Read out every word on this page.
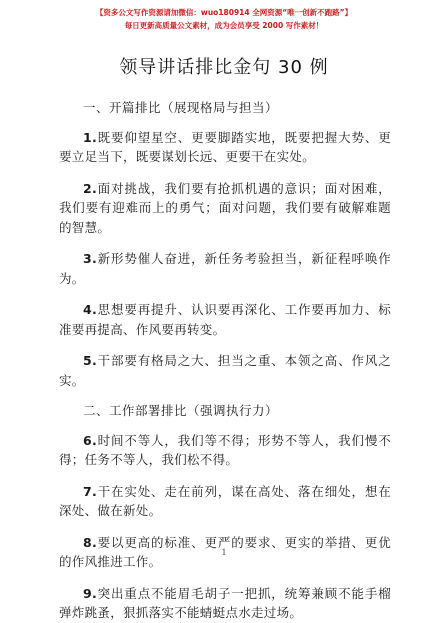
【资多公文写作资源请加微信：wuo180914 全网资源“唯一创新不跑路”】
每日更新高质量公文素材，成为会员享受 2000 写作素材！
领导讲话排比金句 30 例

一、开篇排比（展现格局与担当）

1.既要仰望星空、更要脚踏实地，既要把握大势、更要立足当下，既要谋划长远、更要干在实处。

2.面对挑战，我们要有抢抓机遇的意识；面对困难，我们要有迎难而上的勇气；面对问题，我们要有破解难题的智慧。

3.新形势催人奋进，新任务考验担当，新征程呼唤作为。

4.思想要再提升、认识要再深化、工作要再加力、标准要再提高、作风要再转变。

5.干部要有格局之大、担当之重、本领之高、作风之实。

二、工作部署排比（强调执行力）

6.时间不等人，我们等不得；形势不等人，我们慢不得；任务不等人，我们松不得。

7.干在实处、走在前列，谋在高处、落在细处，想在深处、做在新处。

8.要以更高的标准、更严的要求、更实的举措、更优的作风推进工作。

9.突出重点不能眉毛胡子一把抓，统筹兼顾不能手榴弹炸跳蚤，狠抓落实不能蜻蜓点水走过场。

1
